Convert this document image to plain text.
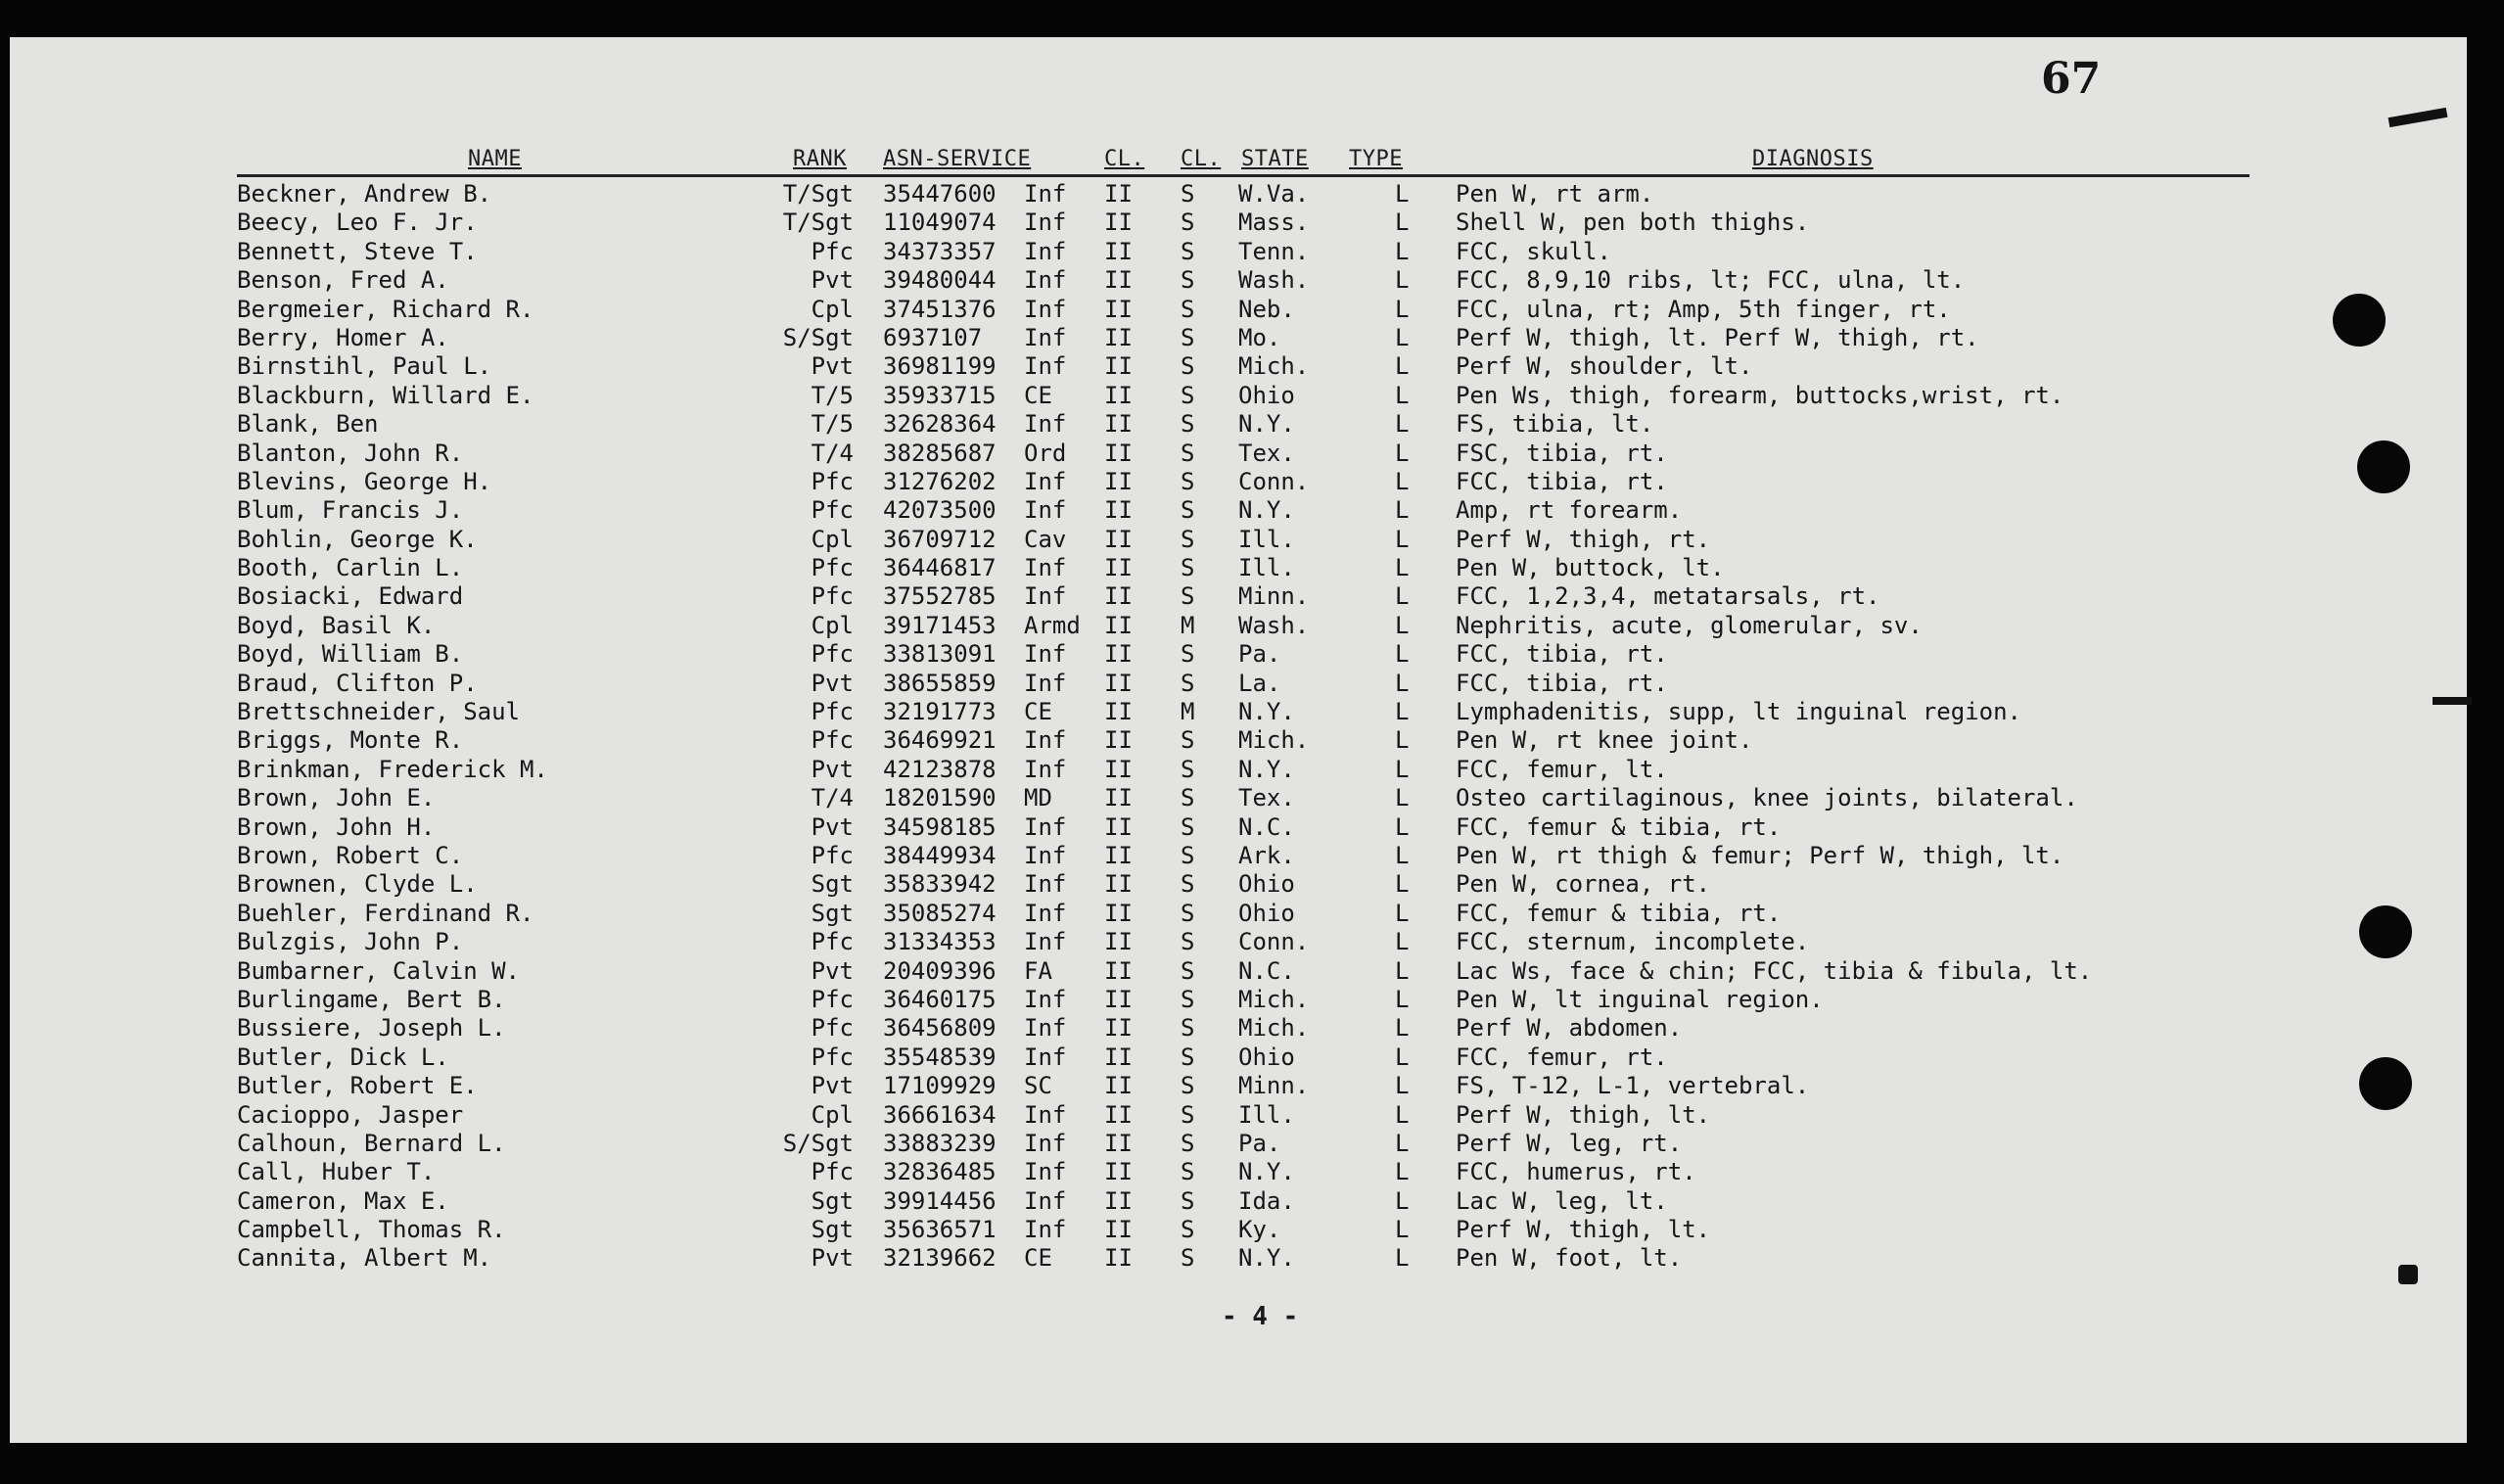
67
NAME	RANK ASN-SERVICE	CL. CL. STATE TYPE	DIAGNOSIS
Beckner, Andrew B.	T/Sgt 35447600 Inf II S W.Va.	L Pen W, rt arm.
Beecy, Leo F. Jr.	T/Sgt 11049074 Inf II S Mass.	L Shell W, pen both thighs.
Bennett, Steve T.	Pfc 34373357 Inf II S Tenn.	L FCC, skull.
Benson, Fred A.	Pvt 39480044 Inf II S Wash.	L FCC, 8,9,10 ribs, lt; FCC, ulna, lt.
Bergmeier, Richard R.	Cpl 37451376 Inf II S Neb.	L FCC, ulna, rt; Amp, 5th finger, rt.
Berry, Homer A.	S/Sgt 6937107 Inf II S Mo.	L Perf W, thigh, lt. Perf W, thigh, rt.
Birnstihl, Paul L.	Pvt 36981199 Inf II S Mich.	L Perf W, shoulder, lt.
Blackburn, Willard E.	T/5 35933715 CE II S Ohio	L Pen Ws, thigh, forearm, buttocks,wrist, rt.
Blank, Ben	T/5 32628364 Inf II S N.Y.	L FS, tibia, lt.
Blanton, John R.	T/4 38285687 Ord II S Tex.	L FSC, tibia, rt.
Blevins, George H.	Pfc 31276202 Inf II S Conn.	L FCC, tibia, rt.
Blum, Francis J.	Pfc 42073500 Inf II S N.Y.	L Amp, rt forearm.
Bohlin, George K.	Cpl 36709712 Cav II S Ill.	L Perf W, thigh, rt.
Booth, Carlin L.	Pfc 36446817 Inf II S Ill.	L Pen W, buttock, lt.
Bosiacki, Edward	Pfc 37552785 Inf II S Minn.	L FCC, 1,2,3,4, metatarsals, rt.
Boyd, Basil K.	Cpl 39171453 Armd II M Wash.	L Nephritis, acute, glomerular, sv.
Boyd, William B.	Pfc 33813091 Inf II S Pa.	L FCC, tibia, rt.
Braud, Clifton P.	Pvt 38655859 Inf II S La.	L FCC, tibia, rt.
Brettschneider, Saul	Pfc 32191773 CE II M N.Y.	L Lymphadenitis, supp, lt inguinal region.
Briggs, Monte R.	Pfc 36469921 Inf II S Mich.	L Pen W, rt knee joint.
Brinkman, Frederick M.	Pvt 42123878 Inf II S N.Y.	L FCC, femur, lt.
Brown, John E.	T/4 18201590 MD II S Tex.	L Osteo cartilaginous, knee joints, bilateral.
Brown, John H.	Pvt 34598185 Inf II S N.C.	L FCC, femur & tibia, rt.
Brown, Robert C.	Pfc 38449934 Inf II S Ark.	L Pen W, rt thigh & femur; Perf W, thigh, lt.
Brownen, Clyde L.	Sgt 35833942 Inf II S Ohio	L Pen W, cornea, rt.
Buehler, Ferdinand R.	Sgt 35085274 Inf II S Ohio	L FCC, femur & tibia, rt.
Bulzgis, John P.	Pfc 31334353 Inf II S Conn.	L FCC, sternum, incomplete.
Bumbarner, Calvin W.	Pvt 20409396 FA II S N.C.	L Lac Ws, face & chin; FCC, tibia & fibula, lt.
Burlingame, Bert B.	Pfc 36460175 Inf II S Mich.	L Pen W, lt inguinal region.
Bussiere, Joseph L.	Pfc 36456809 Inf II S Mich.	L Perf W, abdomen.
Butler, Dick L.	Pfc 35548539 Inf II S Ohio	L FCC, femur, rt.
Butler, Robert E.	Pvt 17109929 SC II S Minn.	L FS, T-12, L-1, vertebral.
Cacioppo, Jasper	Cpl 36661634 Inf II S Ill.	L Perf W, thigh, lt.
Calhoun, Bernard L.	S/Sgt 33883239 Inf II S Pa.	L Perf W, leg, rt.
Call, Huber T.	Pfc 32836485 Inf II S N.Y.	L FCC, humerus, rt.
Cameron, Max E.	Sgt 39914456 Inf II S Ida.	L Lac W, leg, lt.
Campbell, Thomas R.	Sgt 35636571 Inf II S Ky.	L Perf W, thigh, lt.
Cannita, Albert M.	Pvt 32139662 CE II S N.Y.	L Pen W, foot, lt.
- 4 -
